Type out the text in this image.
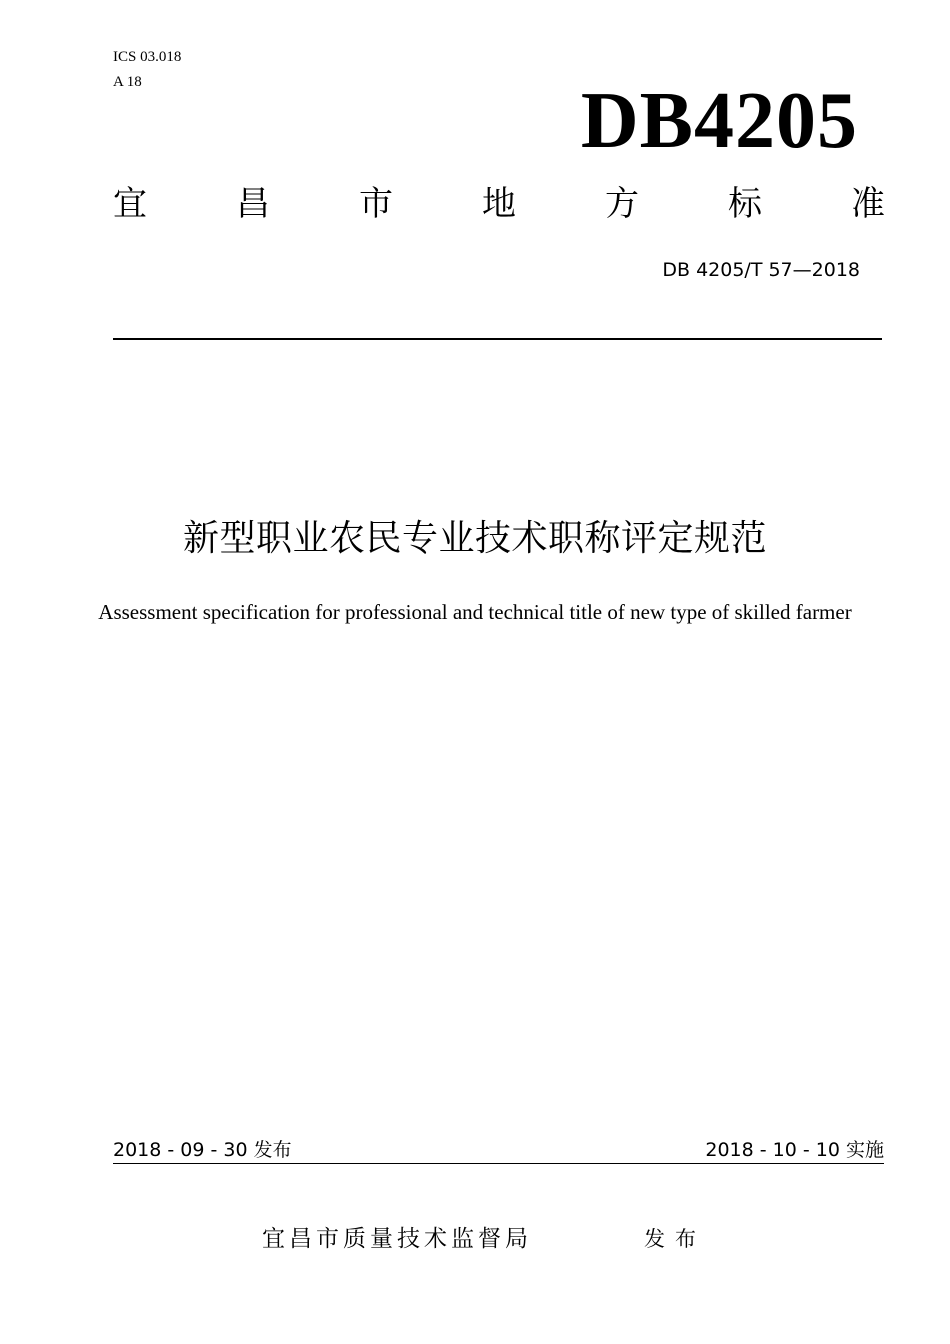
ICS 03.018
A 18	DB4205
宜	昌	市	地	方	标	准
DB 4205/T 57—2018
新型职业农民专业技术职称评定规范
Assessment specification for professional and technical title of new type of skilled farmer
2018 - 09 - 30 发布	2018 - 10 - 10 实施
宜昌市质量技术监督局	发布
